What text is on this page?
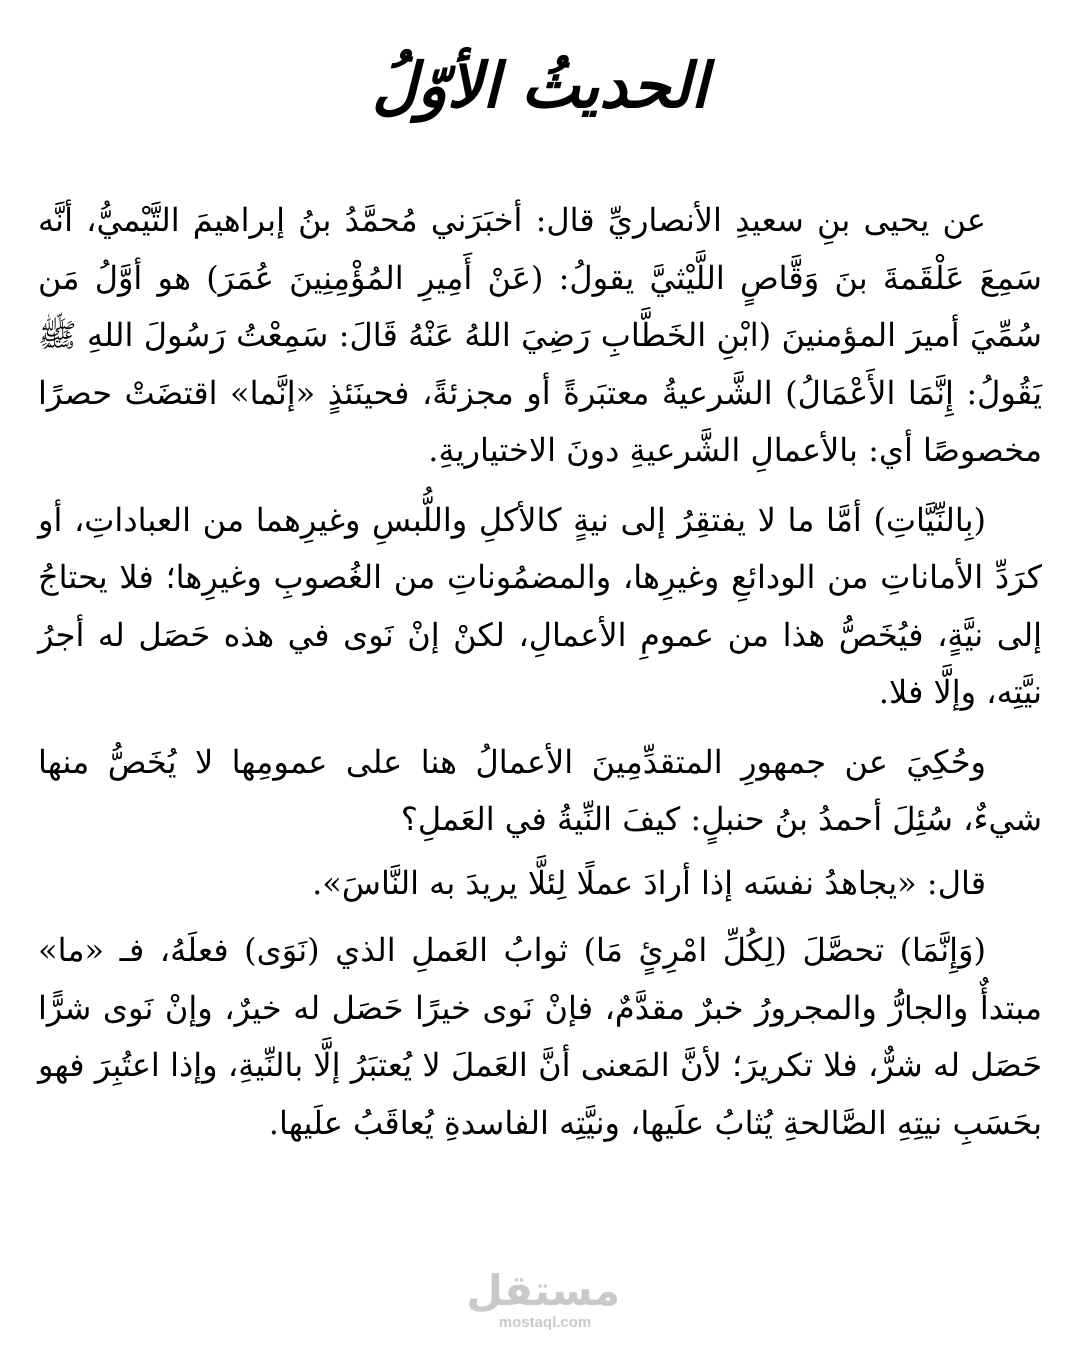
الحديثُ الأوّلُ

عن يحيى بنِ سعيدِ الأنصاريِّ قال: أخبَرَني مُحمَّدُ بنُ إبراهيمَ التَّيْميُّ، أنَّه سَمِعَ عَلْقَمةَ بنَ وَقَّاصٍ اللَّيْثيَّ يقولُ: (عَنْ أَمِيرِ المُؤْمِنِينَ عُمَرَ) هو أوَّلُ مَن سُمِّيَ أميرَ المؤمنينَ (ابْنِ الخَطَّابِ رَضِيَ اللهُ عَنْهُ قَالَ: سَمِعْتُ رَسُولَ اللهِ ﷺ يَقُولُ: إِنَّمَا الأَعْمَالُ) الشَّرعيةُ معتبَرةً أو مجزئةً، فحينَئذٍ «إنَّما» اقتضَتْ حصرًا مخصوصًا أي: بالأعمالِ الشَّرعيةِ دونَ الاختياريةِ.

(بِالنِّيَّاتِ) أمَّا ما لا يفتقِرُ إلى نيةٍ كالأكلِ واللُّبسِ وغيرِهما من العباداتِ، أو كرَدِّ الأماناتِ من الودائعِ وغيرِها، والمضمُوناتِ من الغُصوبِ وغيرِها؛ فلا يحتاجُ إلى نيَّةٍ، فيُخَصُّ هذا من عمومِ الأعمالِ، لكنْ إنْ نَوى في هذه حَصَل له أجرُ نيَّتِه، وإلَّا فلا.

وحُكِيَ عن جمهورِ المتقدِّمِينَ الأعمالُ هنا على عمومِها لا يُخَصُّ منها شيءٌ، سُئِلَ أحمدُ بنُ حنبلٍ: كيفَ النِّيةُ في العَملِ؟

قال: «يجاهدُ نفسَه إذا أرادَ عملًا لِئلَّا يريدَ به النَّاسَ».

(وَإِنَّمَا) تحصَّلَ (لِكُلِّ امْرِئٍ مَا) ثوابُ العَملِ الذي (نَوَى) فعلَهُ، فـ «ما» مبتدأٌ والجارُّ والمجرورُ خبرٌ مقدَّمٌ، فإنْ نَوى خيرًا حَصَل له خيرٌ، وإنْ نَوى شرًّا حَصَل له شرٌّ، فلا تكريرَ؛ لأنَّ المَعنى أنَّ العَملَ لا يُعتبَرُ إلَّا بالنِّيةِ، وإذا اعتُبِرَ فهو بحَسَبِ نيتِهِ الصَّالحةِ يُثابُ علَيها، ونيَّتِه الفاسدةِ يُعاقَبُ علَيها.

مستقل
mostaql.com
